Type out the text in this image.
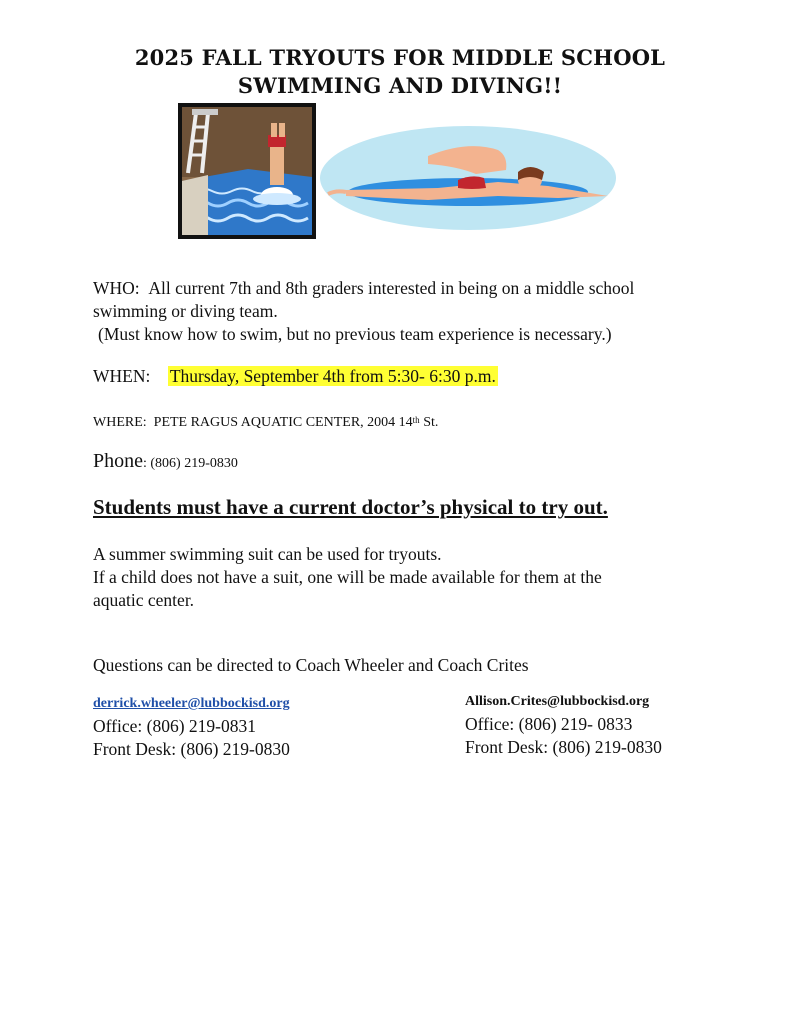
2025 FALL TRYOUTS FOR MIDDLE SCHOOL
SWIMMING AND DIVING!!
WHO: All current 7th and 8th graders interested in being on a middle school
swimming or diving team.
(Must know how to swim, but no previous team experience is necessary.)
WHEN: Thursday, September 4th from 5:30- 6:30 p.m.
WHERE: PETE RAGUS AQUATIC CENTER, 2004 14th St.
Phone: (806) 219-0830
Students must have a current doctor’s physical to try out.
A summer swimming suit can be used for tryouts.
If a child does not have a suit, one will be made available for them at the
aquatic center.
Questions can be directed to Coach Wheeler and Coach Crites
derrick.wheeler@lubbockisd.org
Office: (806) 219-0831
Front Desk: (806) 219-0830
Allison.Crites@lubbockisd.org
Office: (806) 219- 0833
Front Desk: (806) 219-0830
